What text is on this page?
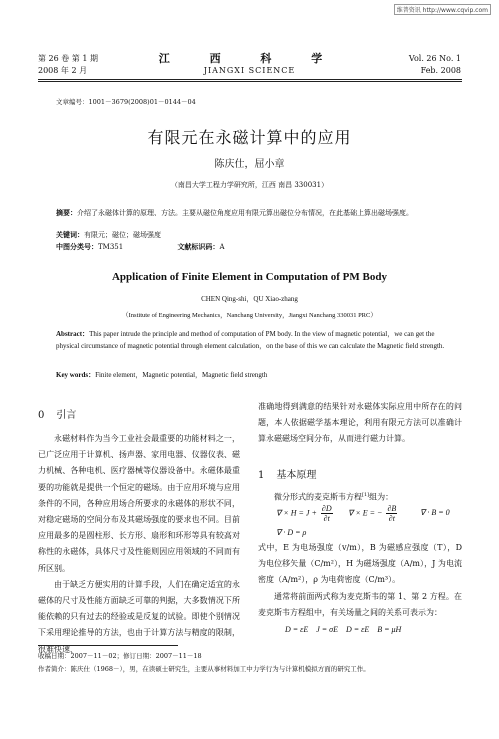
维普资讯 http://www.cqvip.com
第 26 卷 第 1 期
2008 年 2 月
江 西 科 学
JIANGXI SCIENCE
Vol. 26 No. 1
Feb. 2008
文章编号：1001－3679(2008)01－0144－04
有限元在永磁计算中的应用
陈庆仕，屈小章
（南昌大学工程力学研究所，江西 南昌 330031）
摘要：介绍了永磁体计算的原理、方法。主要从磁位角度应用有限元算出磁位分布情况，在此基础上算出磁场强度。
关键词：有限元；磁位；磁场强度
中图分类号：TM351	文献标识码：A
Application of Finite Element in Computation of PM Body
CHEN Qing-shi，QU Xiao-zhang
（Institute of Engineering Mechanics，Nanchang University，Jiangxi Nanchang 330031 PRC）
Abstract：This paper intrude the principle and method of computation of PM body. In the view of magnetic potential，we can get the physical circumstance of magnetic potential through element calculation，on the base of this we can calculate the Magnetic field strength.
Key words：Finite element，Magnetic potential，Magnetic field strength
0 引言

永磁材料作为当今工业社会最重要的功能材料之一，已广泛应用于计算机、扬声器、家用电器、仪器仪表、磁力机械、各种电机、医疗器械等仪器设备中。永磁体最重要的功能就是提供一个恒定的磁场。由于应用环境与应用条件的不同，各种应用场合所要求的永磁体的形状不同，对稳定磁场的空间分布及其磁场强度的要求也不同。目前应用最多的是圆柱形、长方形、扇形和环形等具有较高对称性的永磁体，具体尺寸及性能则因应用领域的不同而有所区别。

由于缺乏方便实用的计算手段，人们在确定适宜的永磁体的尺寸及性能方面缺乏可靠的判据，大多数情况下所能依赖的只有过去的经验或是反复的试验。即使个别情况下采用理论推导的方法，也由于计算方法与精度的限制，很难快速、

准确地得到满意的结果针对永磁体实际应用中所存在的问题，本人依据磁学基本理论，利用有限元方法可以准确计算永磁磁场空间分布，从而进行磁力计算。

1 基本原理
微分形式的麦克斯韦方程[1]组为：
∇ × $H = J + \frac{\partial D}{\partial t}$ ∇ × E = − $\frac{\partial B}{\partial t}$	∇ · B = 0
∇ · D = ρ

式中，E 为电场强度（v/m），B 为磁感应强度（T），D 为电位移矢量（C/m²），H 为磁场强度（A/m），J 为电流密度（A/m²），ρ 为电荷密度（C/m³）。

通常将前面两式称为麦克斯韦的第 1、第 2 方程。在麦克斯韦方程组中，有关场量之间的关系可表示为：

D = εE    J = σE    D = εE    B = μH
收稿日期：2007－11－02；修订日期：2007－11－18
作者简介：陈庆仕（1968－），男，在读硕士研究生，主要从事材料加工中力学行为与计算机模拟方面的研究工作。
